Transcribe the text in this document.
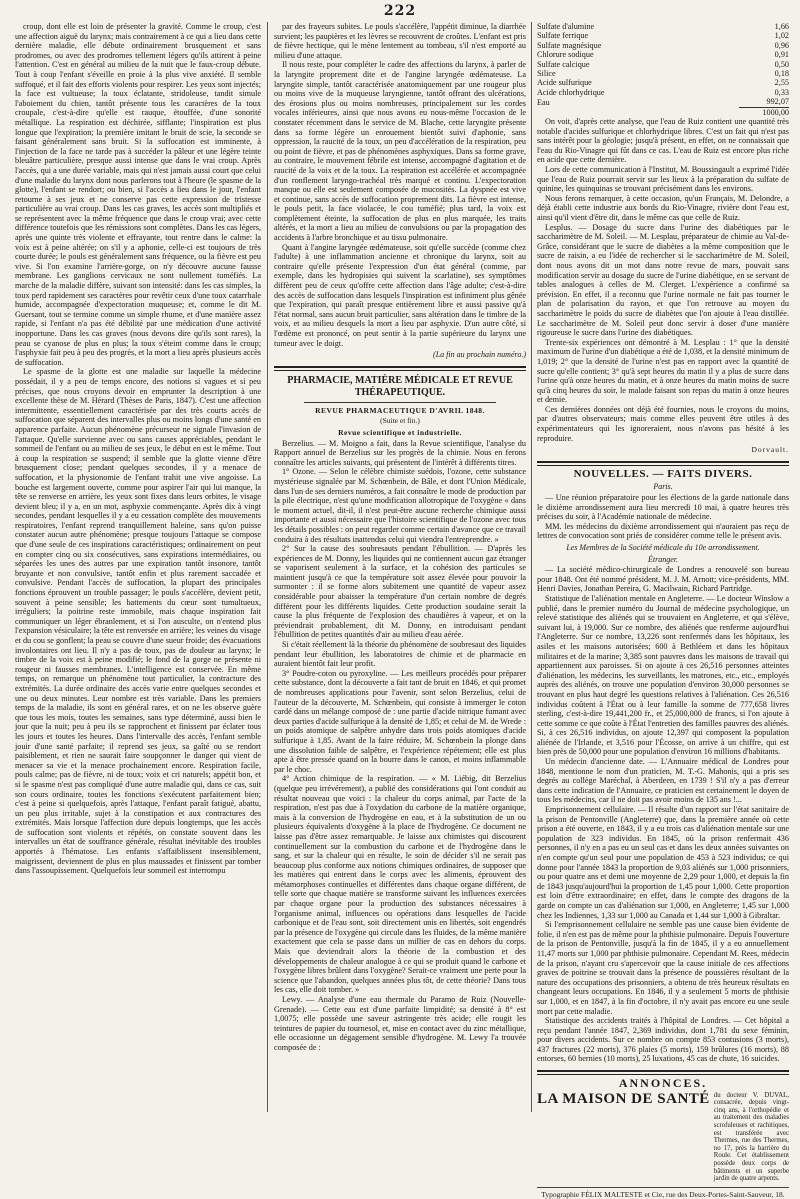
222

croup, dont elle est loin de présenter la gravité. Comme le croup, c'est une affection aiguë du larynx; mais contrairement à ce qui a lieu dans cette dernière maladie, elle débute ordinairement brusquement et sans prodromes, ou avec des prodromes tellement légers qu'ils attirent à peine l'attention. C'est en général au milieu de la nuit que le faux-croup débute. Tout à coup l'enfant s'éveille en proie à la plus vive anxiété. Il semble suffoqué, et il fait des efforts violents pour respirer. Les yeux sont injectés; la face est vultueuse; la toux éclatante, stridoleuse, tandit simule l'aboiement du chien, tantôt présente tous les caractères de la toux croupale, c'est-à-dire qu'elle est rauque, étouffée, d'une sonorité métallique. La respiration est déchirée, sifflante; l'inspiration est plus longue que l'expiration; la première imitant le bruit de scie, la seconde se faisant généralement sans bruit. Si la suffocation est imminente, à l'injection de la face ne tarde pas à succéder la pâleur et une légère teinte bleuâtre particulière, presque aussi intense que dans le vrai croup. Après l'accès, qui a une durée variable, mais qui n'est jamais aussi court que celui d'une maladie du larynx dont nous parlerons tout à l'heure (le spasme de la glotte), l'enfant se rendort; ou bien, si l'accès a lieu dans le jour, l'enfant retourne à ses jeux et ne conserve pas cette expression de tristesse particulière au vrai croup. Dans les cas graves, les accès sont multipliés et se représentent avec la même fréquence que dans le croup vrai; avec cette différence toutefois que les rémissions sont complètes. Dans les cas légers, après une quinte très violente et effrayante, tout rentre dans le calme: la voix est à peine altérée; on s'il y a aphonie, celle-ci est toujours de très courte durée; le pouls est généralement sans fréquence, ou la fièvre est peu vive. Si l'on examine l'arrière-gorge, on n'y découvre aucune fausse membrane. Les ganglions cervicaux ne sont nullement tuméfiés. La marche de la maladie diffère, suivant son intensité: dans les cas simples, la toux perd rapidement ses caractères pour revêtir ceux d'une toux catarrhale humide, accompagnée d'expectoration muqueuse; et, comme le dit M. Guersant, tout se termine comme un simple rhume, et d'une manière assez rapide, si l'enfant n'a pas été débilité par une médication d'une activité inopportune. Dans les cas graves (nous devons dire qu'ils sont rares), la peau se cyanose de plus en plus; la toux s'éteint comme dans le croup; l'asphyxie fait peu à peu des progrès, et la mort a lieu après plusieurs accès de suffocation.

Le spasme de la glotte est une maladie sur laquelle la médecine possédait, il y a peu de temps encore, des notions si vagues et si peu précises, que nous croyons devoir en emprunter la description à une excellente thèse de M. Hérard (Thèses de Paris, 1847). C'est une affection intermittente, essentiellement caractérisée par des très courts accès de suffocation que séparent des intervalles plus ou moins longs d'une santé en apparence parfaite. Aucun phénomène précurseur ne signale l'invasion de l'attaque. Qu'elle survienne avec ou sans causes appréciables, pendant le sommeil de l'enfant ou au milieu de ses jeux, le début en est le même. Tout à coup la respiration se suspend; il semble que la glotte vienne d'être brusquement close; pendant quelques secondes, il y a menace de suffocation, et la physionomie de l'enfant trahit une vive angoisse. La bouche est largement ouverte, comme pour aspirer l'air qui lui manque, la tête se renverse en arrière, les yeux sont fixes dans leurs orbites, le visage devient bleu; il y a, en un mot, asphyxie commençante. Après dix à vingt secondes, pendant lesquelles il y a eu cessation complète des mouvements respiratoires, l'enfant reprend tranquillement haleine, sans qu'on puisse constater aucun autre phénomène; presque toujours l'attaque se compose que d'une seule de ces inspirations caractéristiques; ordinairement on peut en compter cinq ou six consécutives, sans expirations intermédiaires, ou séparées les unes des autres par une expiration tantôt insonore, tantôt bruyante et non convulsive, tantôt enfin et plus rarement saccadée et convulsive. Pendant l'accès de suffocation, la plupart des principales fonctions éprouvent un trouble passager; le pouls s'accélère, devient petit, souvent à peine sensible; les battements du cœur sont tumultueux, irréguliers; la poitrine reste immobile, mais chaque inspiration fait communiquer un léger ébranlement, et si l'on ausculte, on n'entend plus l'expansion vésiculaire; la tête est renversée en arrière; les veines du visage et du cou se gonflent; la peau se couvre d'une sueur froide; des évacuations involontaires ont lieu. Il n'y a pas de toux, pas de douleur au larynx; le timbre de la voix est à peine modifié; le fond de la gorge ne présente ni rougeur ni fausses membranes. L'intelligence est conservée. En même temps, on remarque un phénomène tout particulier, la contracture des extrémités. La durée ordinaire des accès varie entre quelques secondes et une ou deux minutes. Leur nombre est très variable. Dans les premiers temps de la maladie, ils sont en général rares, et on ne les observe guère que tous les mois, toutes les semaines, sans type déterminé, aussi bien le jour que la nuit; peu à peu ils se rapprochent et finissent par éclater tous les jours et toutes les heures. Dans l'intervalle des accès, l'enfant semble jouir d'une santé parfaite; il reprend ses jeux, sa gaîté ou se rendort paisiblement, et rien ne saurait faire soupçonner le danger qui vient de menacer sa vie et la menace prochainement encore. Respiration facile, pouls calme; pas de fièvre, ni de toux; voix et cri naturels; appétit bon, et si le spasme n'est pas compliqué d'une autre maladie qui, dans ce cas, suit son cours ordinaire, toutes les fonctions s'exécutent parfaitement bien; c'est à peine si quelquefois, après l'attaque, l'enfant paraît fatigué, abattu, un peu plus irritable, sujet à la constipation et aux contractures des extrémités. Mais lorsque l'affection dure depuis longtemps, que les accès de suffocation sont violents et répétés, on constate souvent dans les intervalles un état de souffrance générale, résultat inévitable des troubles apportés à l'hématose. Les enfants s'affaiblissent insensiblement, maigrissent, deviennent de plus en plus maussades et finissent par tomber dans l'assoupissement. Quelquefois leur sommeil est interrompu

par des frayeurs subites. Le pouls s'accélère, l'appétit diminue, la diarrhée survient; les paupières et les lèvres se recouvrent de croûtes. L'enfant est pris de fièvre hectique, qui le mène lentement au tombeau, s'il n'est emporté au milieu d'une attaque.

Il nous reste, pour compléter le cadre des affections du larynx, à parler de la laryngite proprement dite et de l'angine laryngée œdémateuse. La laryngite simple, tantôt caractérisée anatomiquement par une rougeur plus ou moins vive de la muqueuse laryngienne, tantôt offrant des ulcérations, des érosions plus ou moins nombreuses, principalement sur les cordes vocales inférieures, ainsi que nous avons eu nous-même l'occasion de le constater récemment dans le service de M. Blache, cette laryngite présente dans sa forme légère un enrouement bientôt suivi d'aphonie, sans oppression, la raucité de la toux, un peu d'accélération de la respiration, peu ou point de fièvre, et pas de phénomènes asphyxiques. Dans sa forme grave, au contraire, le mouvement fébrile est intense, accompagné d'agitation et de raucité de la voix et de la toux. La respiration est accélérée et accompagnée d'un ronflement laryngo-trachéal très marqué et continu. L'expectoration manque ou elle est seulement composée de mucosités. La dyspnée est vive et continue, sans accès de suffocation proprement dits. La fièvre est intense, le pouls petit, la face violacée, le cou tuméfié; plus tard, la voix est complètement éteinte, la suffocation de plus en plus marquée, les traits altérés, et la mort a lieu au milieu de convulsions ou par la propagation des accidents à l'arbre bronchique et au tissu pulmonaire.

Quant à l'angine laryngée œdémateuse, soit qu'elle succède (comme chez l'adulte) à une inflammation ancienne et chronique du larynx, soit au contraire qu'elle présente l'expression d'un état général (comme, par exemple, dans les hydropisies qui suivent la scarlatine), ses symptômes diffèrent peu de ceux qu'offre cette affection dans l'âge adulte; c'est-à-dire des accès de suffocation dans lesquels l'inspiration est infiniment plus gênée que l'expiration, qui paraît presque entièrement libre et aussi passive qu'à l'état normal, sans aucun bruit particulier, sans altération dans le timbre de la voix, et au milieu desquels la mort a lieu par asphyxie. D'un autre côté, si l'œdème est prononcé, on peut sentir à la partie supérieure du larynx une tumeur avec le doigt.

(La fin au prochain numéro.)
PHARMACIE, MATIÈRE MÉDICALE ET REVUE THÉRAPEUTIQUE.
REVUE PHARMACEUTIQUE D'AVRIL 1848.
(Suite et fin.)
Revue scientifique et industrielle.

Berzelius. — M. Moigno a fait, dans la Revue scientifique, l'analyse du Rapport annuel de Berzelius sur les progrès de la chimie. Nous en ferons connaître les articles suivants, qui présentent de l'intérêt à différents titres.

1° Ozone. — Selon le célèbre chimiste suédois, l'ozone, cette substance mystérieuse signalée par M. Schœnbein, de Bâle, et dont l'Union Médicale, dans l'un de ses derniers numéros, a fait connaître le mode de production par la pile électrique, n'est qu'une modification allotropique de l'oxygène « dans le moment actuel, dit-il, il n'est peut-être aucune recherche chimique aussi importante et aussi nécessaire que l'histoire scientifique de l'ozone avec tous les détails possibles : on peut regarder comme certain d'avance que ce travail conduira à des résultats inattendus celui qui viendra l'entreprendre. »

2° Sur la cause des soubresauts pendant l'ébullition. — D'après les expériences de M. Donny, les liquides qui ne contiennent aucun gaz étranger se vaporisent seulement à la surface, et la cohésion des particules se maintient jusqu'à ce que la température soit assez élevée pour pouvoir la surmonter : il se forme alors subitement une quantité de vapeur assez considérable pour abaisser la température d'un certain nombre de degrés différent pour les différents liquides. Cette production soudaine serait la cause la plus fréquente de l'explosion des chaudières à vapeur, et on la préviendrait probablement, dit M. Donny, en introduisant pendant l'ébullition de petites quantités d'air au milieu d'eau aérée.

Si c'était réellement là la théorie du phénomène de soubresaut des liquides pendant leur ébullition, les laboratoires de chimie et de pharmacie en auraient bientôt fait leur profit.

3° Poudre-coton ou pyroxyline. — Les meilleurs procédés pour préparer cette substance, dont la découverte a fait tant de bruit en 1846, et qui promet de nombreuses applications pour l'avenir, sont selon Berzelius, celui de l'auteur de la découverte, M. Schœnbein, qui consiste à immerger le coton cardé dans un mélange composé de : une partie d'acide nitrique fumant avec deux parties d'acide sulfurique à la densité de 1,85; et celui de M. de Wrede : un poids atomique de salpêtre anhydre dans trois poids atomiques d'acide sulfurique à 1,85. Avant de la faire réduire, M. Schœnbein la plonge dans une dissolution faible de salpêtre, et l'expérience répétement; elle est plus apte à être pressée quand on la bourre dans le canon, et moins inflammable par le choc.

4° Action chimique de la respiration. — « M. Liébig, dit Berzelius (quelque peu irrévérement), a publié des considérations qui l'ont conduit au résultat nouveau que voici : la chaleur du corps animal, par l'acte de la respiration, n'est pas due à l'oxydation du carbone de la matière organique, mais à la conversion de l'hydrogène en eau, et à la substitution de un ou plusieurs équivalents d'oxygène à la place de l'hydrogène. Ce document ne laisse pas d'être assez remarquable. Je laisse aux chimistes qui discourent continuellement sur la combustion du carbone et de l'hydrogène dans le sang, et sur la chaleur qui en résulte, le soin de décider s'il ne serait pas beaucoup plus conforme aux notions chimiques ordinaires, de supposer que les matières qui entrent dans le corps avec les aliments, éprouvent des métamorphoses continuelles et différentes dans chaque organe différent, de telle sorte que chaque matière se transforme suivant les influences exercées par chaque organe pour la production des substances nécessaires à l'organisme animal, influences ou opérations dans lesquelles de l'acide carbonique et de l'eau sont, soit directement unis en libertés, soit engendrés par la présence de l'oxygène qui circule dans les fluides, de la même manière exactement que cela se passe dans un millier de cas en dehors du corps. Mais que deviendrait alors la théorie de la combustion et des développements de chaleur analogue à ce qui se produit quand le carbone et l'oxygène libres brûlent dans l'oxygène? Serait-ce vraiment une perte pour la science que l'abandon, quelques années plus tôt, de cette théorie? Dans tous les cas, elle doit tomber. »

Lewy. — Analyse d'une eau thermale du Paramo de Ruiz (Nouvelle-Grenade). — Cette eau est d'une parfaite limpidité; sa densité à 8° est 1,0075; elle possède une saveur astringente très acide; elle rougit les teintures de papier du tournesol, et, mise en contact avec du zinc métallique, elle occasionne un dégagement sensible d'hydrogène. M. Lewy l'a trouvée composée de :

Sulfate d'alumine	1,66
Sulfate ferrique	1,02
Sulfate magnésique	0,96
Chlorure sodique	0,91
Sulfate calcique	0,50
Silice	0,18
Acide sulfurique	2,55
Acide chlorhydrique	0,33
Eau	992,07
	1000,00

On voit, d'après cette analyse, que l'eau de Ruiz contient une quantité très notable d'acides sulfurique et chlorhydrique libres. C'est un fait qui n'est pas sans intérêt pour la géologie; jusqu'à présent, en effet, on ne connaissait que l'eau du Rio-Vinagre qui fût dans ce cas. L'eau de Ruiz est encore plus riche en acide que cette dernière.

Lors de cette communication à l'Institut, M. Boussingault a exprimé l'idée que l'eau de Ruiz pourrait servir sur les lieux à la préparation du sulfate de quinine, les quinquinas se trouvant précisément dans les environs.

Nous ferons remarquer, à cette occasion, qu'un Français, M. Delondre, a déjà établi cette industrie aux bords du Rio-Vinagre, rivière dont l'eau est, ainsi qu'il vient d'être dit, dans le même cas que celle de Ruiz.

Lesplus. — Dosage du sucre dans l'urine des diabétiques par le saccharimètre de M. Soleil. — M. Lesplau, préparateur de chimie au Val-de-Grâce, considérant que le sucre de diabètes a la même composition que le sucre de raisin, a eu l'idée de rechercher si le saccharimètre de M. Soleil, dont nous avons dit un mot dans notre revue de mars, pouvait sans modification servir au dosage du sucre de l'urine diabétique, en se servant de tables analogues à celles de M. Clerget. L'expérience a confirmé sa prévision. En effet, il a reconnu que l'urine normale ne fait pas tourner le plan de polarisation du rayon, et que l'on retrouve au moyen du saccharimètre le poids du sucre de diabètes que l'on ajoute à l'eau distillée. Le saccharimètre de M. Soleil peut donc servir à doser d'une manière rigoureuse le sucre dans l'urine des diabétiques.

Trente-six expériences ont démontré à M. Lesplau : 1° que la densité maximum de l'urine d'un diabétique a été de 1,038, et la densité minimum de 1,019; 2° que la densité de l'urine n'est pas en rapport avec la quantité de sucre qu'elle contient; 3° qu'à sept heures du matin il y a plus de sucre dans l'urine qu'à onze heures du matin, et à onze heures du matin moins de sucre qu'à cinq heures du soir, le malade faisant son repas du matin à onze heures et demie.

Ces dernières données ont déjà été fournies, nous le croyons du moins, par d'autres observateurs; mais comme elles peuvent être utiles à des expérimentateurs qui les ignoreraient, nous n'avons pas hésité à les reproduire.

Dorvault.
NOUVELLES. — FAITS DIVERS.
Paris.

— Une réunion préparatoire pour les élections de la garde nationale dans le dixième arrondissement aura lieu mercredi 10 mai, à quatre heures très précises du soir, à l'Académie nationale de médecine.

MM. les médecins du dixième arrondissement qui n'auraient pas reçu de lettres de convocation sont priés de considérer comme telle le présent avis.

Les Membres de la Société médicale du 10e arrondissement.
Étranger.

— La société médico-chirurgicale de Londres a renouvelé son bureau pour 1848. Ont été nommé président, M. J. M. Arnott; vice-présidents, MM. Henri Davies, Jonathan Pereira, G. Macilwain, Richard Partridge.

Statistique de l'aliénation mentale en Angleterre. — Le docteur Winslow a publié, dans le premier numéro du Journal de médecine psychologique, un relevé statistique des aliénés qui se trouvaient en Angleterre, et qui s'élève, suivant lui, à 19,000. Sur ce nombre, des aliénés que renferme aujourd'hui l'Angleterre. Sur ce nombre, 13,226 sont renfermés dans les hôpitaux, les asiles et les maisons autorisées; 600 à Bethléem et dans les hôpitaux militaires et de la marine; 3,385 sont pauvres dans les maisons de travail qui appartiennent aux paroisses. Si on ajoute à ces 26,516 personnes atteintes d'aliénation, les médecins, les surveillants, les matrones, etc., etc., employés auprès des aliénés, on trouve une population d'environ 30,000 personnes se trouvant en plus haut degré les questions relatives à l'aliénation. Ces 26,516 individus coûtent à l'État ou à leur famille la somme de 777,658 livres sterling, c'est-à-dire 19,441,200 fr., et 25,000,000 de francs, si l'on ajoute à cette somme ce que coûte à l'État l'entretien des familles pauvres des aliénés. Si, à ces 26,516 individus, on ajoute 12,397 qui composent la population aliénée de l'Irlande, et 3,516 pour l'Écosse, on arrive à un chiffre, qui est bien près de 50,000 pour une population d'environ 16 millions d'habitants.

Un médecin d'ancienne date. — L'Annuaire médical de Londres pour 1848, mentionne le nom d'un praticien, M. T.-G. Mahonis, qui a pris ses degrés au collège Maréchal, à Aberdeen, en 1739 ! S'il n'y a pas d'erreur dans cette indication de l'Annuaire, ce praticien est certainement le doyen de tous les médecins, car il ne doit pas avoir moins de 135 ans !...

Emprisonnement cellulaire. — Il résulte d'un rapport sur l'état sanitaire de la prison de Pentonville (Angleterre) que, dans la première année où cette prison a été ouverte, en 1843, il y a eu trois cas d'aliénation mentale sur une population de 323 individus. En 1845, où la prison renfermait 436 personnes, il n'y en a pas eu un seul cas et dans les deux années suivantes on n'en compte qu'un seul pour une population de 453 à 523 individus; ce qui donne pour l'année 1843 la proportion de 9,03 aliénés sur 1,000 prisonniers, ou pour quatre ans et demi une moyenne de 2,29 pour 1,000, et depuis la fin de 1843 jusqu'aujourd'hui la proportion de 1,45 pour 1,000. Cette proportion est loin d'être extraordinaire; en effet, dans le compte des dragons de la garde on compte un cas d'aliénation sur 1,000, en Angleterre; 1,45 sur 1,000 chez les Indiennes, 1,33 sur 1,000 au Canada et 1,44 sur 1,000 à Gibraltar.

Si l'emprisonnement cellulaire ne semble pas une cause bien évidente de folie, il n'en est pas de même pour la phthisie pulmonaire. Depuis l'ouverture de la prison de Pentonville, jusqu'à la fin de 1845, il y a eu annuellement 11,47 morts sur 1,000 par phthisie pulmonaire. Cependant M. Rees, médecin de la prison, n'ayant cru s'apercevoir que la cause initiale de ces affections graves de poitrine se trouvait dans la présence de poussières résultant de la nature des occupations des prisonniers, a obtenu de très heureux résultats en changeant leurs occupations. En 1846, il y a seulement 5 morts de phthisie sur 1,000, et en 1847, à la fin d'octobre, il n'y avait pas encore eu une seule mort par cette maladie.

Statistique des accidents traités à l'hôpital de Londres. — Cet hôpital a reçu pendant l'année 1847, 2,369 individus, dont 1,781 du sexe féminin, pour divers accidents. Sur ce nombre on compte 853 contusions (3 morts), 437 fractures (22 morts), 376 plaies (5 morts), 159 brûlures (16 morts), 88 entorses, 60 hernies (10 morts), 25 luxations, 45 cas de chute, 16 suicides.

ANNONCES.
LA MAISON DE SANTÉ du docteur V. DUVAL, consacrée, depuis vingt-cinq ans, à l'orthopédie et au traitement des maladies scrofuleuses et rachitiques, est transférée avec Thermes, rue des Thermes, no 17, près la barrière du Roule. Cet établissement possède deux corps de bâtiments et un superbe jardin de quatre arpents.
Typographie FÉLIX MALTESTE et Cie, rue des Deux-Portes-Saint-Sauveur, 18.
